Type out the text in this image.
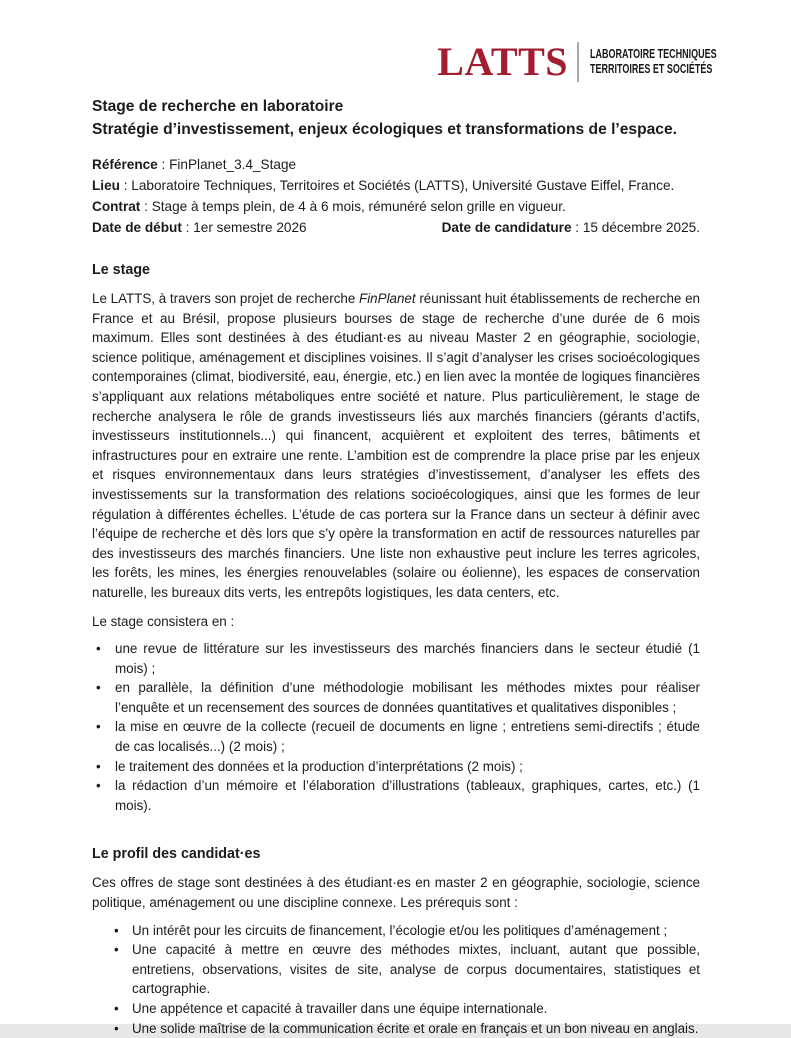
LATTS LABORATOIRE TECHNIQUES
TERRITOIRES ET SOCIÉTÉS

Stage de recherche en laboratoire

Stratégie d’investissement, enjeux écologiques et transformations de l’espace.

Référence : FinPlanet_3.4_Stage

Lieu : Laboratoire Techniques, Territoires et Sociétés (LATTS), Université Gustave Eiffel, France.

Contrat : Stage à temps plein, de 4 à 6 mois, rémunéré selon grille en vigueur.

Date de début : 1er semestre 2026	Date de candidature : 15 décembre 2025.

Le stage

Le LATTS, à travers son projet de recherche FinPlanet réunissant huit établissements de recherche en France et au Brésil, propose plusieurs bourses de stage de recherche d’une durée de 6 mois maximum. Elles sont destinées à des étudiant·es au niveau Master 2 en géographie, sociologie, science politique, aménagement et disciplines voisines. Il s’agit d’analyser les crises socioécologiques contemporaines (climat, biodiversité, eau, énergie, etc.) en lien avec la montée de logiques financières s’appliquant aux relations métaboliques entre société et nature. Plus particulièrement, le stage de recherche analysera le rôle de grands investisseurs liés aux marchés financiers (gérants d’actifs, investisseurs institutionnels...) qui financent, acquièrent et exploitent des terres, bâtiments et infrastructures pour en extraire une rente. L’ambition est de comprendre la place prise par les enjeux et risques environnementaux dans leurs stratégies d’investissement, d’analyser les effets des investissements sur la transformation des relations socioécologiques, ainsi que les formes de leur régulation à différentes échelles. L’étude de cas portera sur la France dans un secteur à définir avec l’équipe de recherche et dès lors que s’y opère la transformation en actif de ressources naturelles par des investisseurs des marchés financiers. Une liste non exhaustive peut inclure les terres agricoles, les forêts, les mines, les énergies renouvelables (solaire ou éolienne), les espaces de conservation naturelle, les bureaux dits verts, les entrepôts logistiques, les data centers, etc.

Le stage consistera en :

• une revue de littérature sur les investisseurs des marchés financiers dans le secteur étudié (1 mois) ;
• en parallèle, la définition d’une méthodologie mobilisant les méthodes mixtes pour réaliser l’enquête et un recensement des sources de données quantitatives et qualitatives disponibles ;
• la mise en œuvre de la collecte (recueil de documents en ligne ; entretiens semi-directifs ; étude de cas localisés...) (2 mois) ;
• le traitement des données et la production d’interprétations (2 mois) ;
• la rédaction d’un mémoire et l’élaboration d’illustrations (tableaux, graphiques, cartes, etc.) (1 mois).

Le profil des candidat·es

Ces offres de stage sont destinées à des étudiant·es en master 2 en géographie, sociologie, science politique, aménagement ou une discipline connexe. Les prérequis sont :

• Un intérêt pour les circuits de financement, l’écologie et/ou les politiques d’aménagement ;
• Une capacité à mettre en œuvre des méthodes mixtes, incluant, autant que possible, entretiens, observations, visites de site, analyse de corpus documentaires, statistiques et cartographie.
• Une appétence et capacité à travailler dans une équipe internationale.
• Une solide maîtrise de la communication écrite et orale en français et un bon niveau en anglais.
